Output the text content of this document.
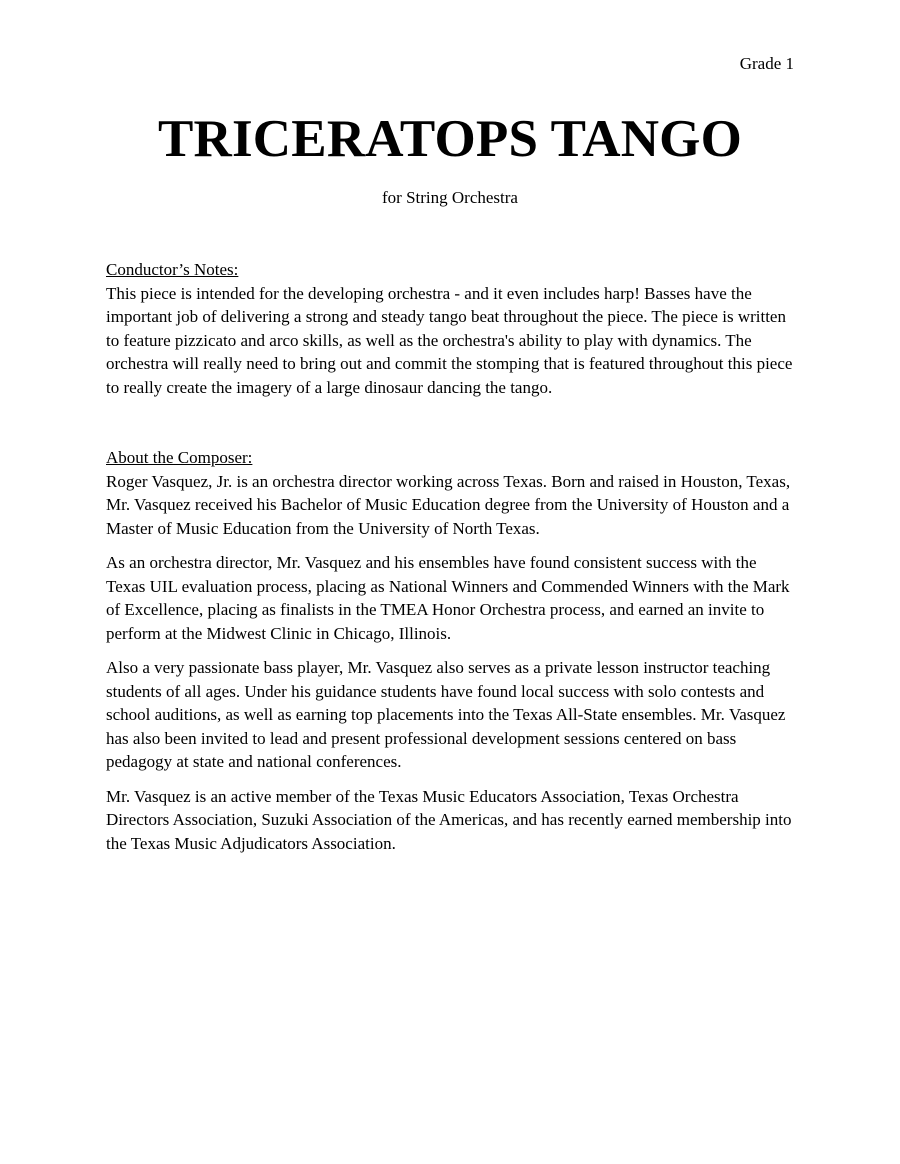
Grade 1
TRICERATOPS TANGO
for String Orchestra
Conductor’s Notes:

This piece is intended for the developing orchestra - and it even includes harp! Basses have the important job of delivering a strong and steady tango beat throughout the piece. The piece is written to feature pizzicato and arco skills, as well as the orchestra's ability to play with dynamics. The orchestra will really need to bring out and commit the stomping that is featured throughout this piece to really create the imagery of a large dinosaur dancing the tango.

About the Composer:

Roger Vasquez, Jr. is an orchestra director working across Texas. Born and raised in Houston, Texas, Mr. Vasquez received his Bachelor of Music Education degree from the University of Houston and a Master of Music Education from the University of North Texas.

As an orchestra director, Mr. Vasquez and his ensembles have found consistent success with the Texas UIL evaluation process, placing as National Winners and Commended Winners with the Mark of Excellence, placing as finalists in the TMEA Honor Orchestra process, and earned an invite to perform at the Midwest Clinic in Chicago, Illinois.

Also a very passionate bass player, Mr. Vasquez also serves as a private lesson instructor teaching students of all ages. Under his guidance students have found local success with solo contests and school auditions, as well as earning top placements into the Texas All-State ensembles. Mr. Vasquez has also been invited to lead and present professional development sessions centered on bass pedagogy at state and national conferences.

Mr. Vasquez is an active member of the Texas Music Educators Association, Texas Orchestra Directors Association, Suzuki Association of the Americas, and has recently earned membership into the Texas Music Adjudicators Association.
